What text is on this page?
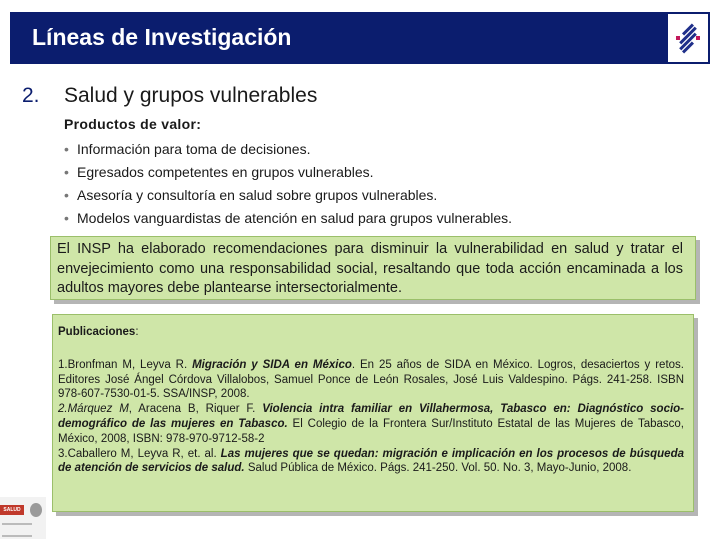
Líneas de Investigación
2. Salud y grupos vulnerables
Productos de valor:
• Información para toma de decisiones.
• Egresados competentes en grupos vulnerables.
• Asesoría y consultoría en salud sobre grupos vulnerables.
• Modelos vanguardistas de atención en salud para grupos vulnerables.
El INSP ha elaborado recomendaciones para disminuir la vulnerabilidad en salud y tratar el envejecimiento como una responsabilidad social, resaltando que toda acción encaminada a los adultos mayores debe plantearse intersectorialmente.
Publicaciones:
1.Bronfman M, Leyva R. Migración y SIDA en México. En 25 años de SIDA en México. Logros, desaciertos y retos. Editores José Ángel Córdova Villalobos, Samuel Ponce de León Rosales, José Luis Valdespino. Págs. 241-258. ISBN 978-607-7530-01-5. SSA/INSP, 2008.
2.Márquez M, Aracena B, Riquer F. Violencia intra familiar en Villahermosa, Tabasco en: Diagnóstico socio-demográfico de las mujeres en Tabasco. El Colegio de la Frontera Sur/Instituto Estatal de las Mujeres de Tabasco, México, 2008, ISBN: 978-970-9712-58-2
3.Caballero M, Leyva R, et. al. Las mujeres que se quedan: migración e implicación en los procesos de búsqueda de atención de servicios de salud. Salud Pública de México. Págs. 241-250. Vol. 50. No. 3, Mayo-Junio, 2008.
SALUD
